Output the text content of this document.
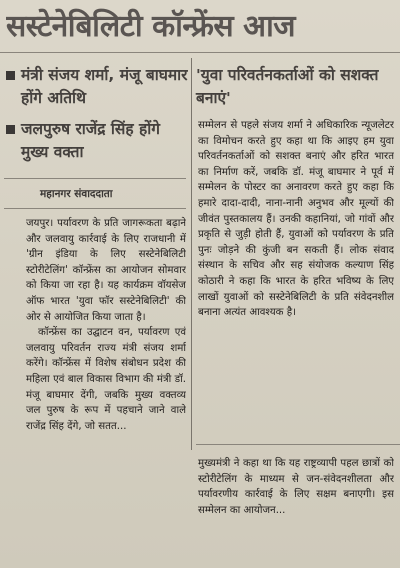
सस्टेनेबिलिटी कॉन्फ्रेंस आज
मंत्री संजय शर्मा, मंजू बाघमार होंगे अतिथि
जलपुरुष राजेंद्र सिंह होंगे मुख्य वक्ता
महानगर संवाददाता
'युवा परिवर्तनकर्ताओं को सशक्त बनाएं'

जयपुर। पर्यावरण के प्रति जागरूकता बढ़ाने और जलवायु कार्रवाई के लिए राजधानी में 'ग्रीन इंडिया के लिए सस्टेनेबिलिटी स्टोरीटेलिंग' कॉन्फ्रेंस का आयोजन सोमवार को किया जा रहा है। यह कार्यक्रम वॉयसेज ऑफ भारत 'युवा फॉर सस्टेनेबिलिटी' की ओर से आयोजित किया जाता है।

कॉन्फ्रेंस का उद्घाटन वन, पर्यावरण एवं जलवायु परिवर्तन राज्य मंत्री संजय शर्मा करेंगे। कॉन्फ्रेंस में विशेष संबोधन प्रदेश की महिला एवं बाल विकास विभाग की मंत्री डॉ. मंजू बाघमार देंगी, जबकि मुख्य वक्तव्य जल पुरुष के रूप में पहचाने जाने वाले राजेंद्र सिंह देंगे, जो सतत...

सम्मेलन से पहले संजय शर्मा ने अधिकारिक न्यूजलेटर का विमोचन करते हुए कहा था कि आइए हम युवा परिवर्तनकर्ताओं को सशक्त बनाएं और हरित भारत का निर्माण करें, जबकि डॉ. मंजू बाघमार ने पूर्व में सम्मेलन के पोस्टर का अनावरण करते हुए कहा कि हमारे दादा-दादी, नाना-नानी अनुभव और मूल्यों की जीवंत पुस्तकालय हैं। उनकी कहानियां, जो गांवों और प्रकृति से जुड़ी होती हैं, युवाओं को पर्यावरण के प्रति पुनः जोड़ने की कुंजी बन सकती हैं। लोक संवाद संस्थान के सचिव और सह संयोजक कल्याण सिंह कोठारी ने कहा कि भारत के हरित भविष्य के लिए लाखों युवाओं को सस्टेनेबिलिटी के प्रति संवेदनशील बनाना अत्यंत आवश्यक है।

मुख्यमंत्री ने कहा था कि यह राष्ट्रव्यापी पहल छात्रों को स्टोरीटेलिंग के माध्यम से जन-संवेदनशीलता और पर्यावरणीय कार्रवाई के लिए सक्षम बनाएगी। इस सम्मेलन का आयोजन...
